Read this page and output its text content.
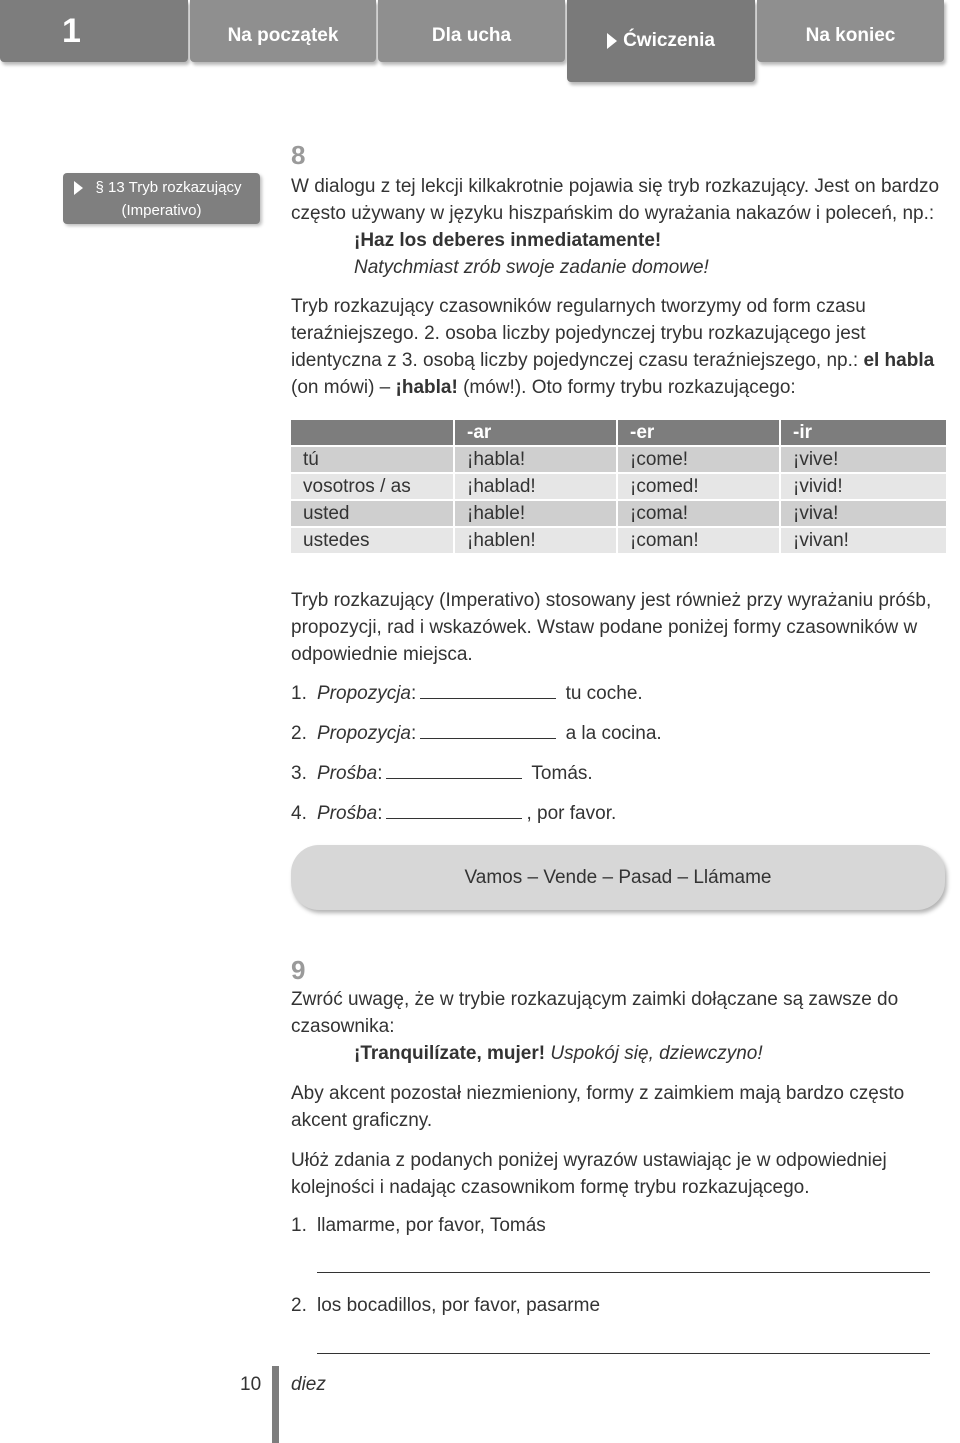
1	Na początek	Dla ucha	Ćwiczenia	Na koniec
§ 13 Tryb rozkazujący
(Imperativo)
8

W dialogu z tej lekcji kilkakrotnie pojawia się tryb rozkazujący. Jest on bardzo często używany w języku hiszpańskim do wyrażania nakazów i poleceń, np.:

¡Haz los deberes inmediatamente!

Natychmiast zrób swoje zadanie domowe!

Tryb rozkazujący czasowników regularnych tworzymy od form czasu teraźniejszego. 2. osoba liczby pojedynczej trybu rozkazującego jest identyczna z 3. osobą liczby pojedynczej czasu teraźniejszego, np.: el habla (on mówi) – ¡habla! (mów!). Oto formy trybu rozkazującego:

	-ar	-er	-ir
tú	¡habla!	¡come!	¡vive!
vosotros / as	¡hablad!	¡comed!	¡vivid!
usted	¡hable!	¡coma!	¡viva!
ustedes	¡hablen!	¡coman!	¡vivan!

Tryb rozkazujący (Imperativo) stosowany jest również przy wyrażaniu próśb, propozycji, rad i wskazówek. Wstaw podane poniżej formy czasowników w odpowiednie miejsca.

1. Propozycja:	tu coche.
2. Propozycja:	a la cocina.
3. Prośba:	Tomás.
4. Prośba:	, por favor.
Vamos – Vende – Pasad – Llámame
9

Zwróć uwagę, że w trybie rozkazującym zaimki dołączane są zawsze do czasownika:

¡Tranquilízate, mujer! Uspokój się, dziewczyno!

Aby akcent pozostał niezmieniony, formy z zaimkiem mają bardzo często akcent graficzny.

Ułóż zdania z podanych poniżej wyrazów ustawiając je w odpowiedniej kolejności i nadając czasownikom formę trybu rozkazującego.

1. llamarme, por favor, Tomás
2. los bocadillos, por favor, pasarme
10 diez
